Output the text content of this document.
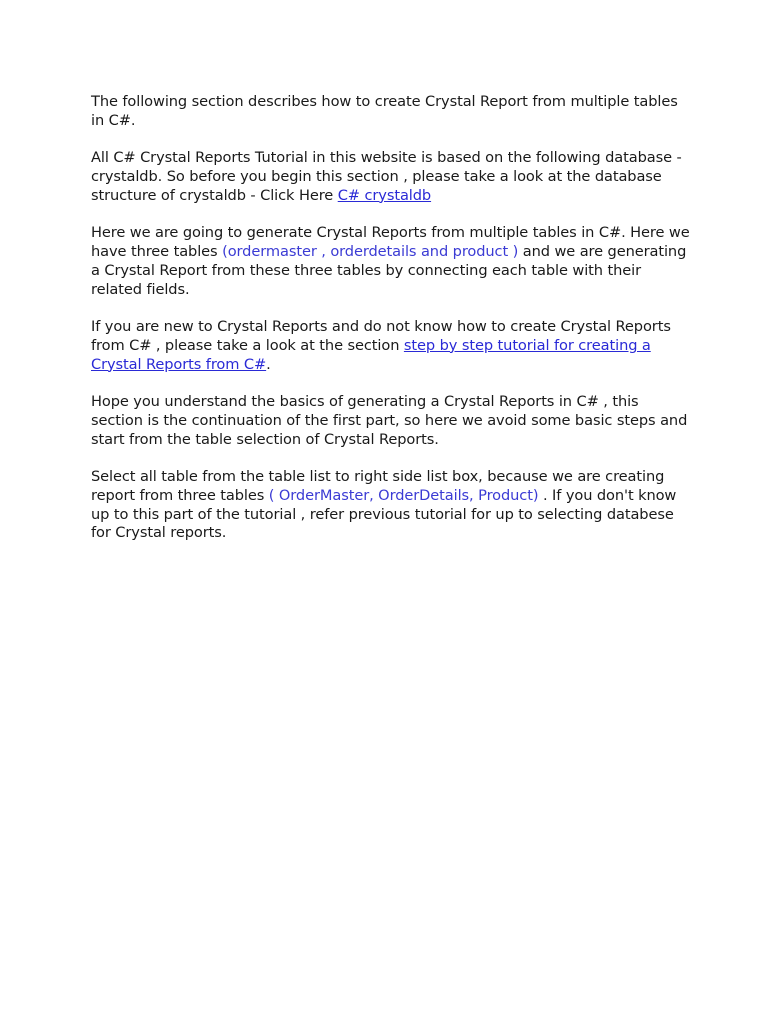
The following section describes how to create Crystal Report from multiple tables in C#.

All C# Crystal Reports Tutorial in this website is based on the following database - crystaldb. So before you begin this section , please take a look at the database structure of crystaldb - Click Here C# crystaldb

Here we are going to generate Crystal Reports from multiple tables in C#. Here we have three tables (ordermaster , orderdetails and product ) and we are generating a Crystal Report from these three tables by connecting each table with their related fields.

If you are new to Crystal Reports and do not know how to create Crystal Reports from C# , please take a look at the section step by step tutorial for creating a Crystal Reports from C#.

Hope you understand the basics of generating a Crystal Reports in C# , this section is the continuation of the first part, so here we avoid some basic steps and start from the table selection of Crystal Reports.

Select all table from the table list to right side list box, because we are creating report from three tables ( OrderMaster, OrderDetails, Product) . If you don't know up to this part of the tutorial , refer previous tutorial for up to selecting databese for Crystal reports.
